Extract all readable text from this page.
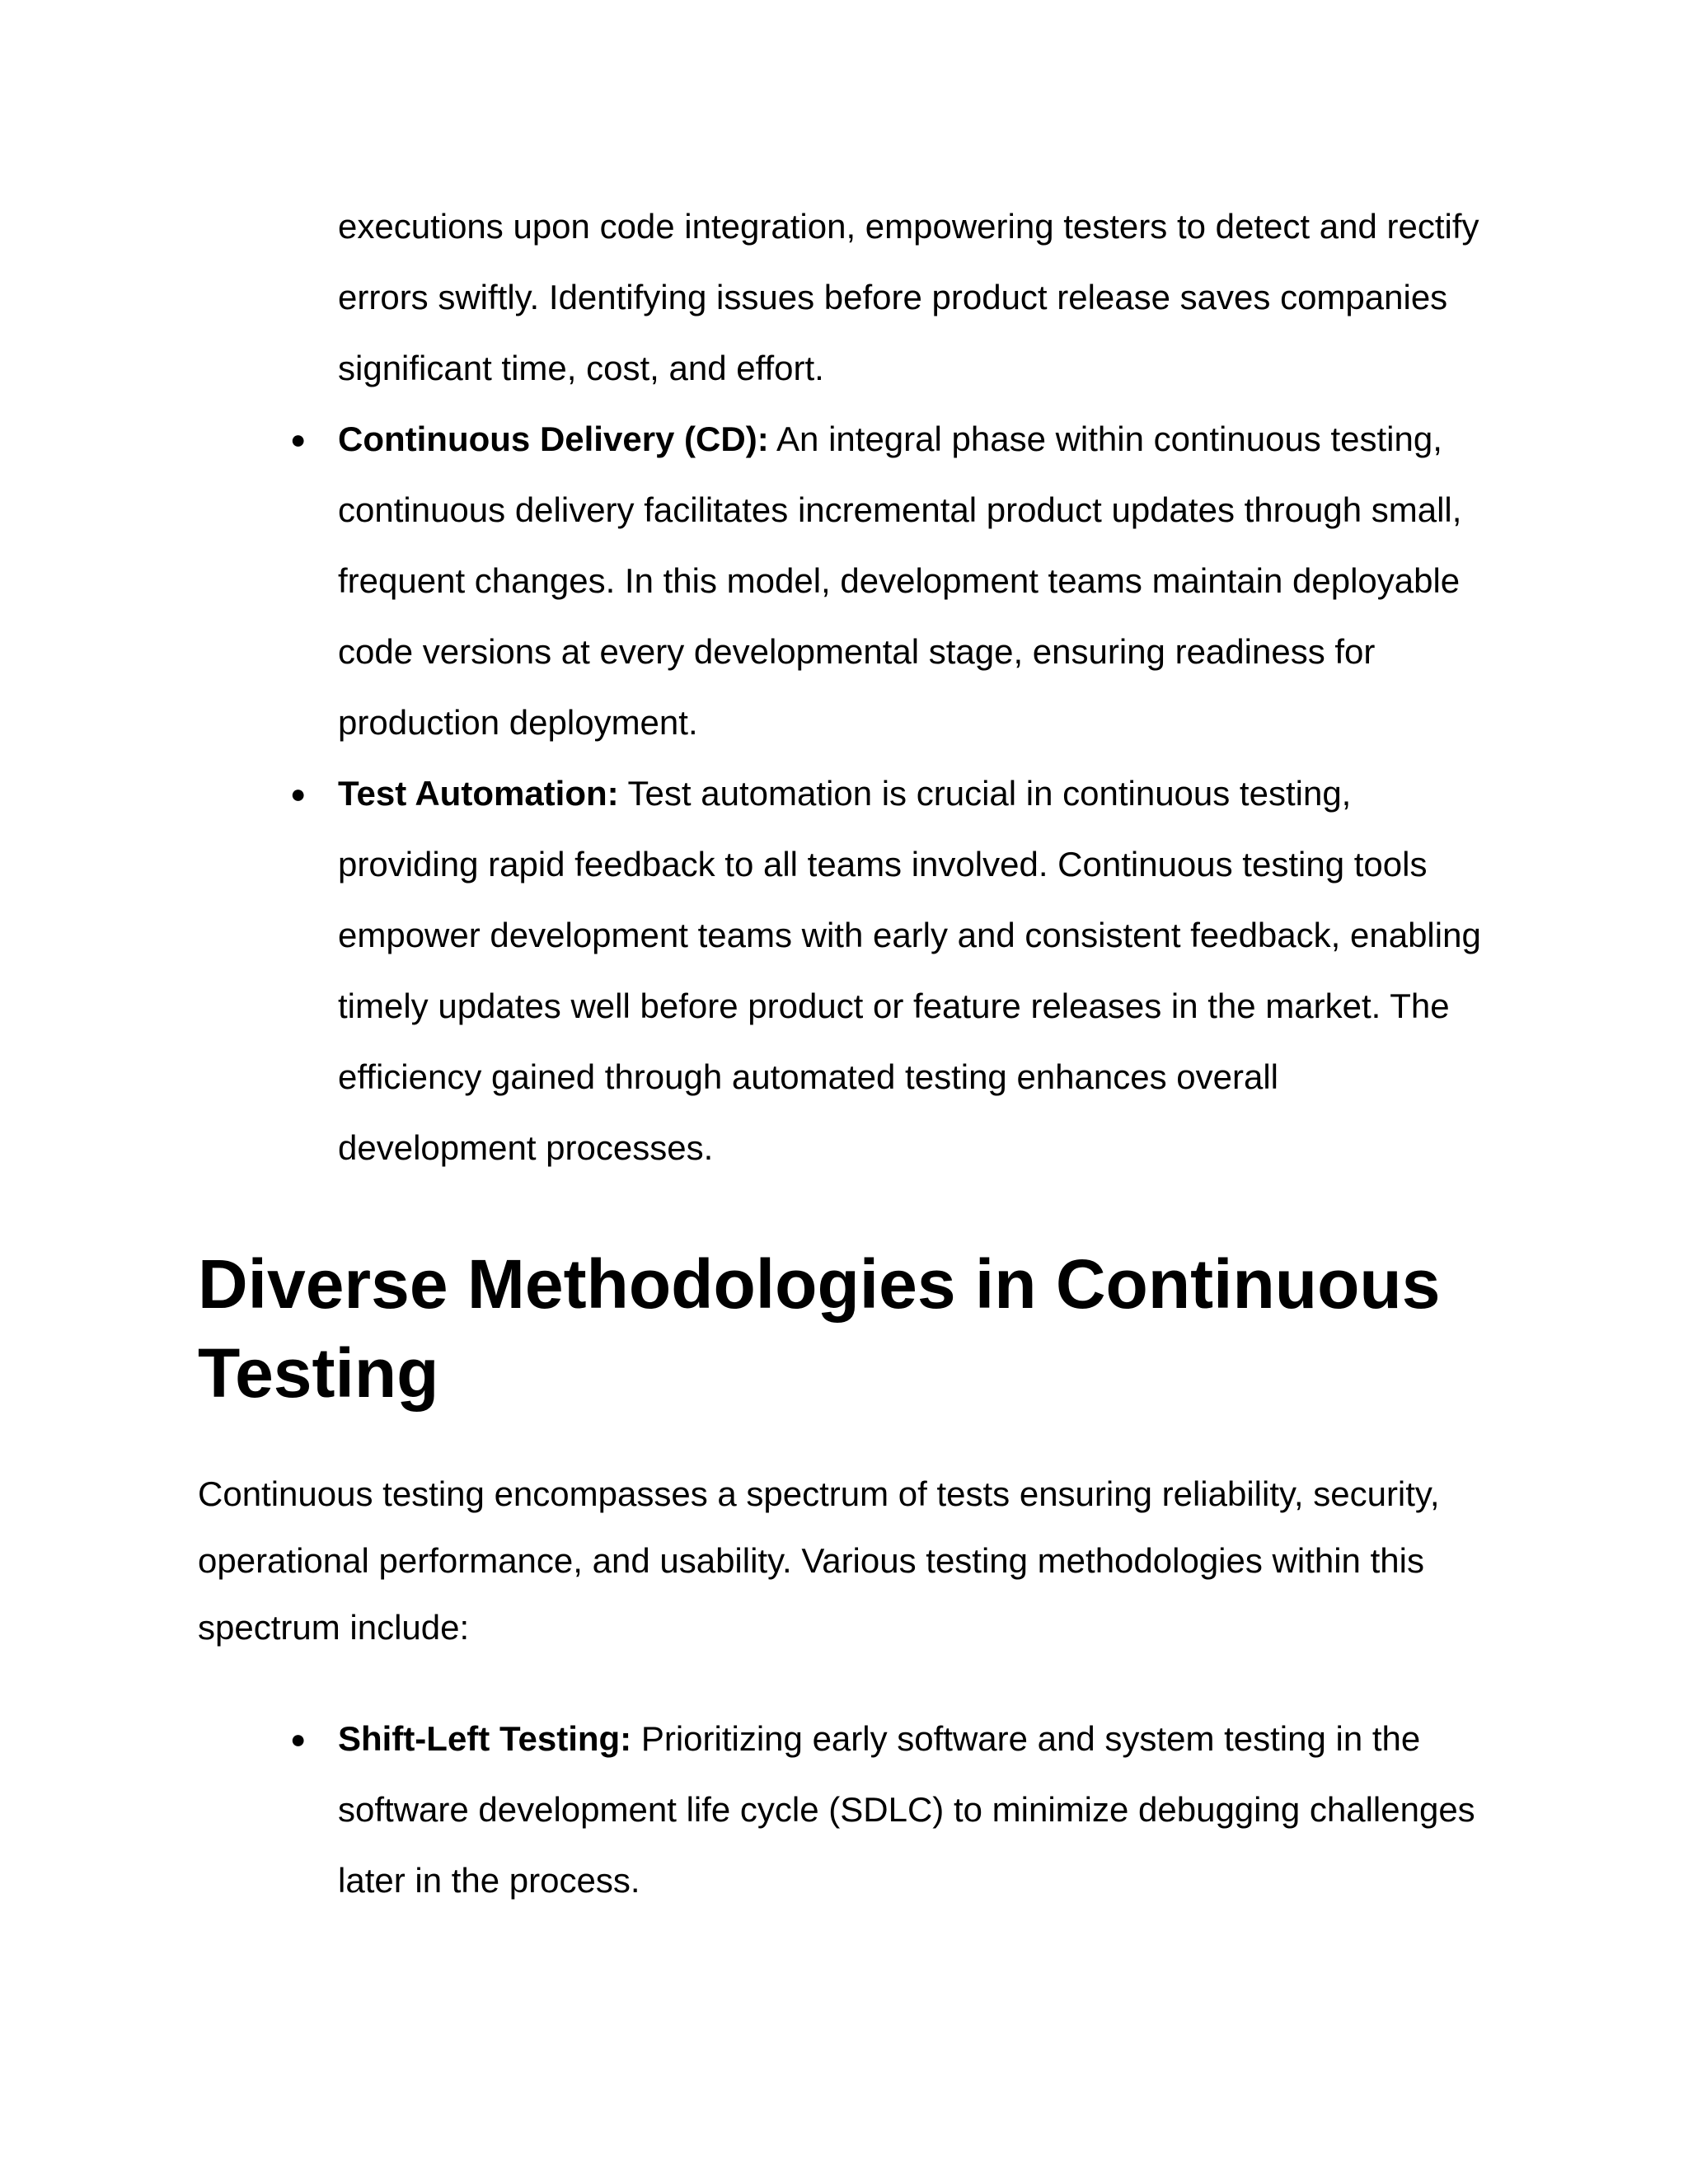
executions upon code integration, empowering testers to detect and rectify errors swiftly. Identifying issues before product release saves companies significant time, cost, and effort.
● Continuous Delivery (CD): An integral phase within continuous testing, continuous delivery facilitates incremental product updates through small, frequent changes. In this model, development teams maintain deployable code versions at every developmental stage, ensuring readiness for production deployment.
● Test Automation: Test automation is crucial in continuous testing, providing rapid feedback to all teams involved. Continuous testing tools empower development teams with early and consistent feedback, enabling timely updates well before product or feature releases in the market. The efficiency gained through automated testing enhances overall development processes.
Diverse Methodologies in Continuous Testing

Continuous testing encompasses a spectrum of tests ensuring reliability, security, operational performance, and usability. Various testing methodologies within this spectrum include:

● Shift-Left Testing: Prioritizing early software and system testing in the software development life cycle (SDLC) to minimize debugging challenges later in the process.
